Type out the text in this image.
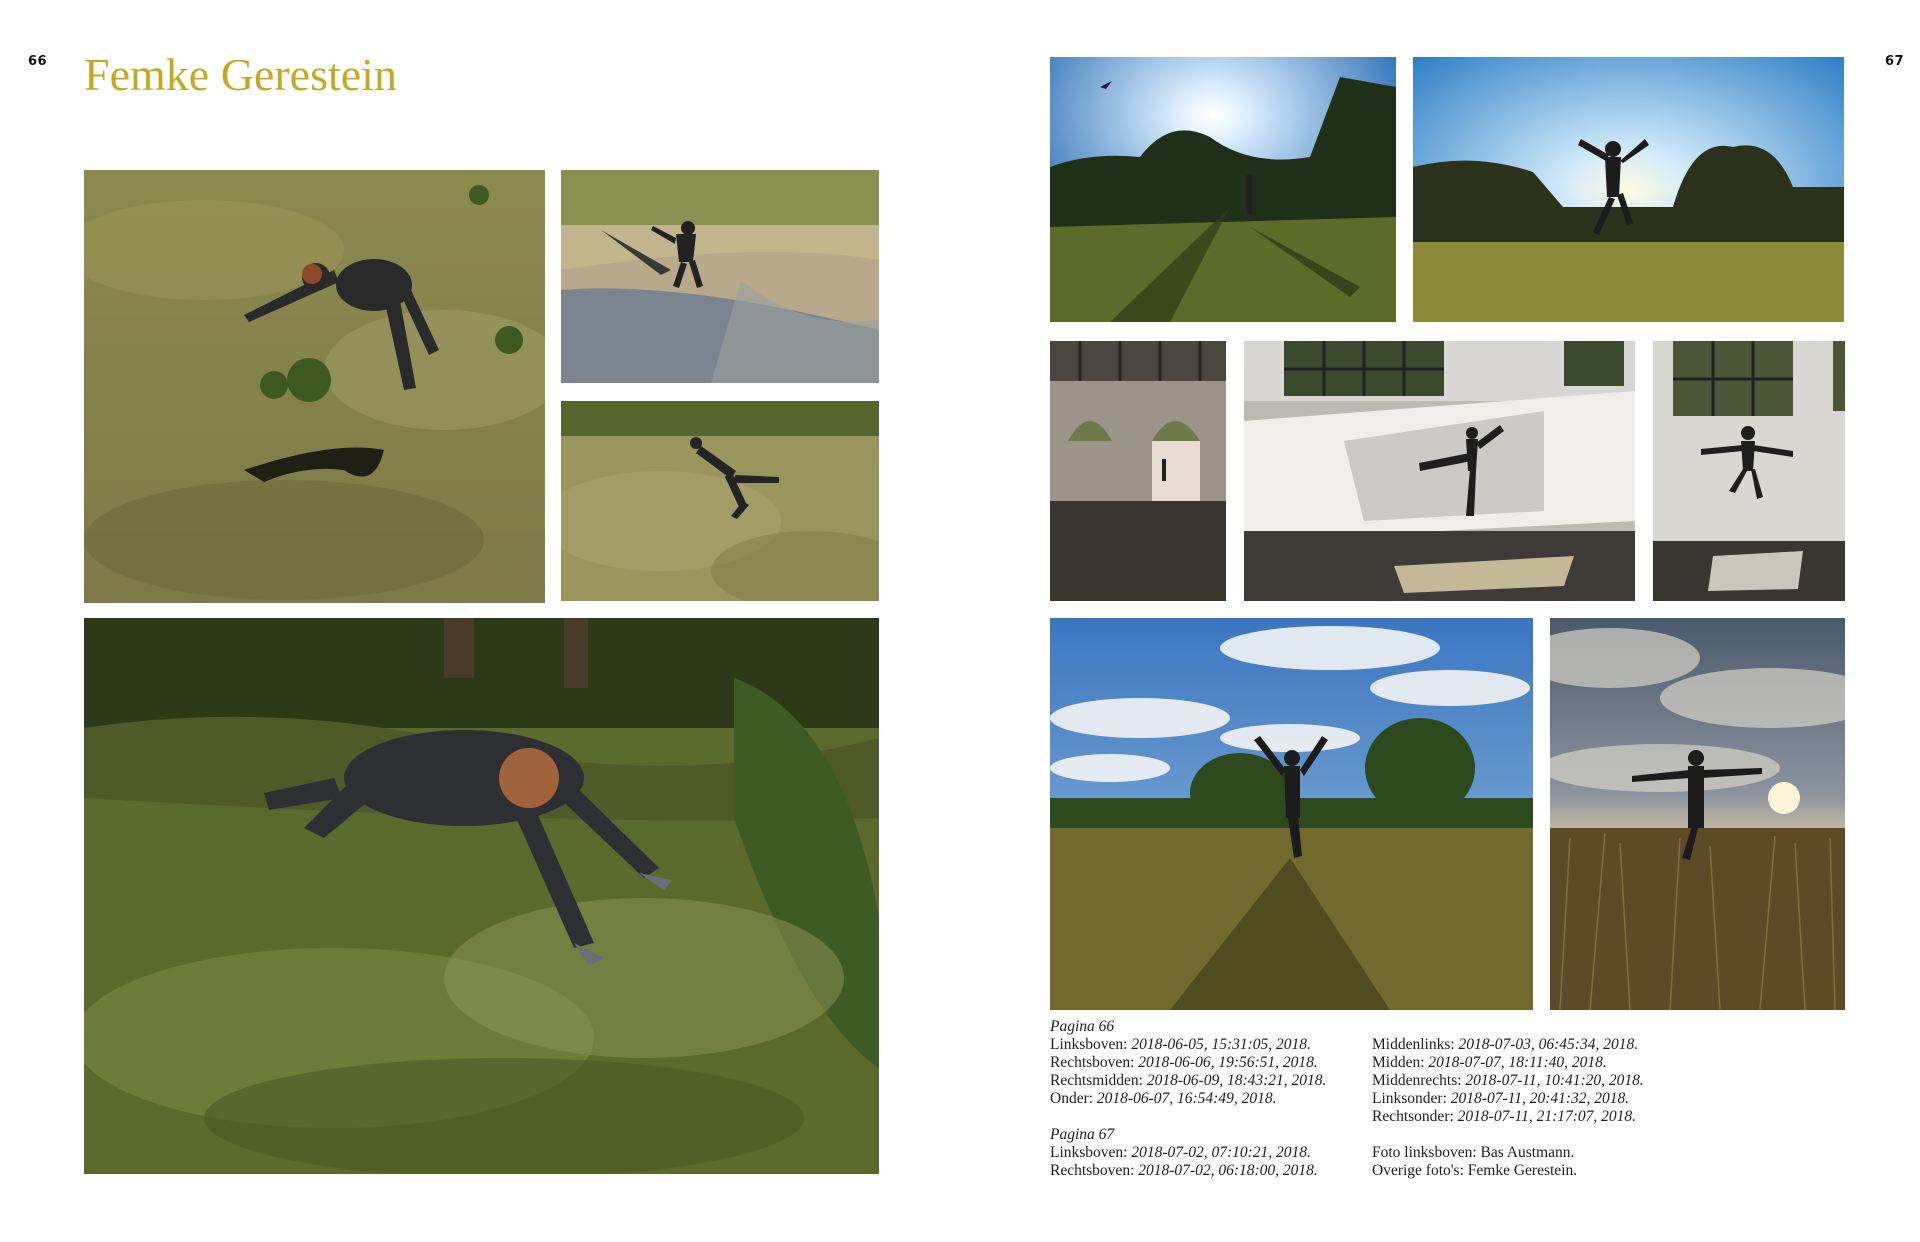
66	67
Femke Gerestein
Pagina 66
Linksboven: 2018-06-05, 15:31:05, 2018.
Rechtsboven: 2018-06-06, 19:56:51, 2018.
Rechtsmidden: 2018-06-09, 18:43:21, 2018.
Onder: 2018-06-07, 16:54:49, 2018.
Pagina 67
Linksboven: 2018-07-02, 07:10:21, 2018.
Rechtsboven: 2018-07-02, 06:18:00, 2018.
Middenlinks: 2018-07-03, 06:45:34, 2018.
Midden: 2018-07-07, 18:11:40, 2018.
Middenrechts: 2018-07-11, 10:41:20, 2018.
Linksonder: 2018-07-11, 20:41:32, 2018.
Rechtsonder: 2018-07-11, 21:17:07, 2018.
Foto linksboven: Bas Austmann.
Overige foto's: Femke Gerestein.
